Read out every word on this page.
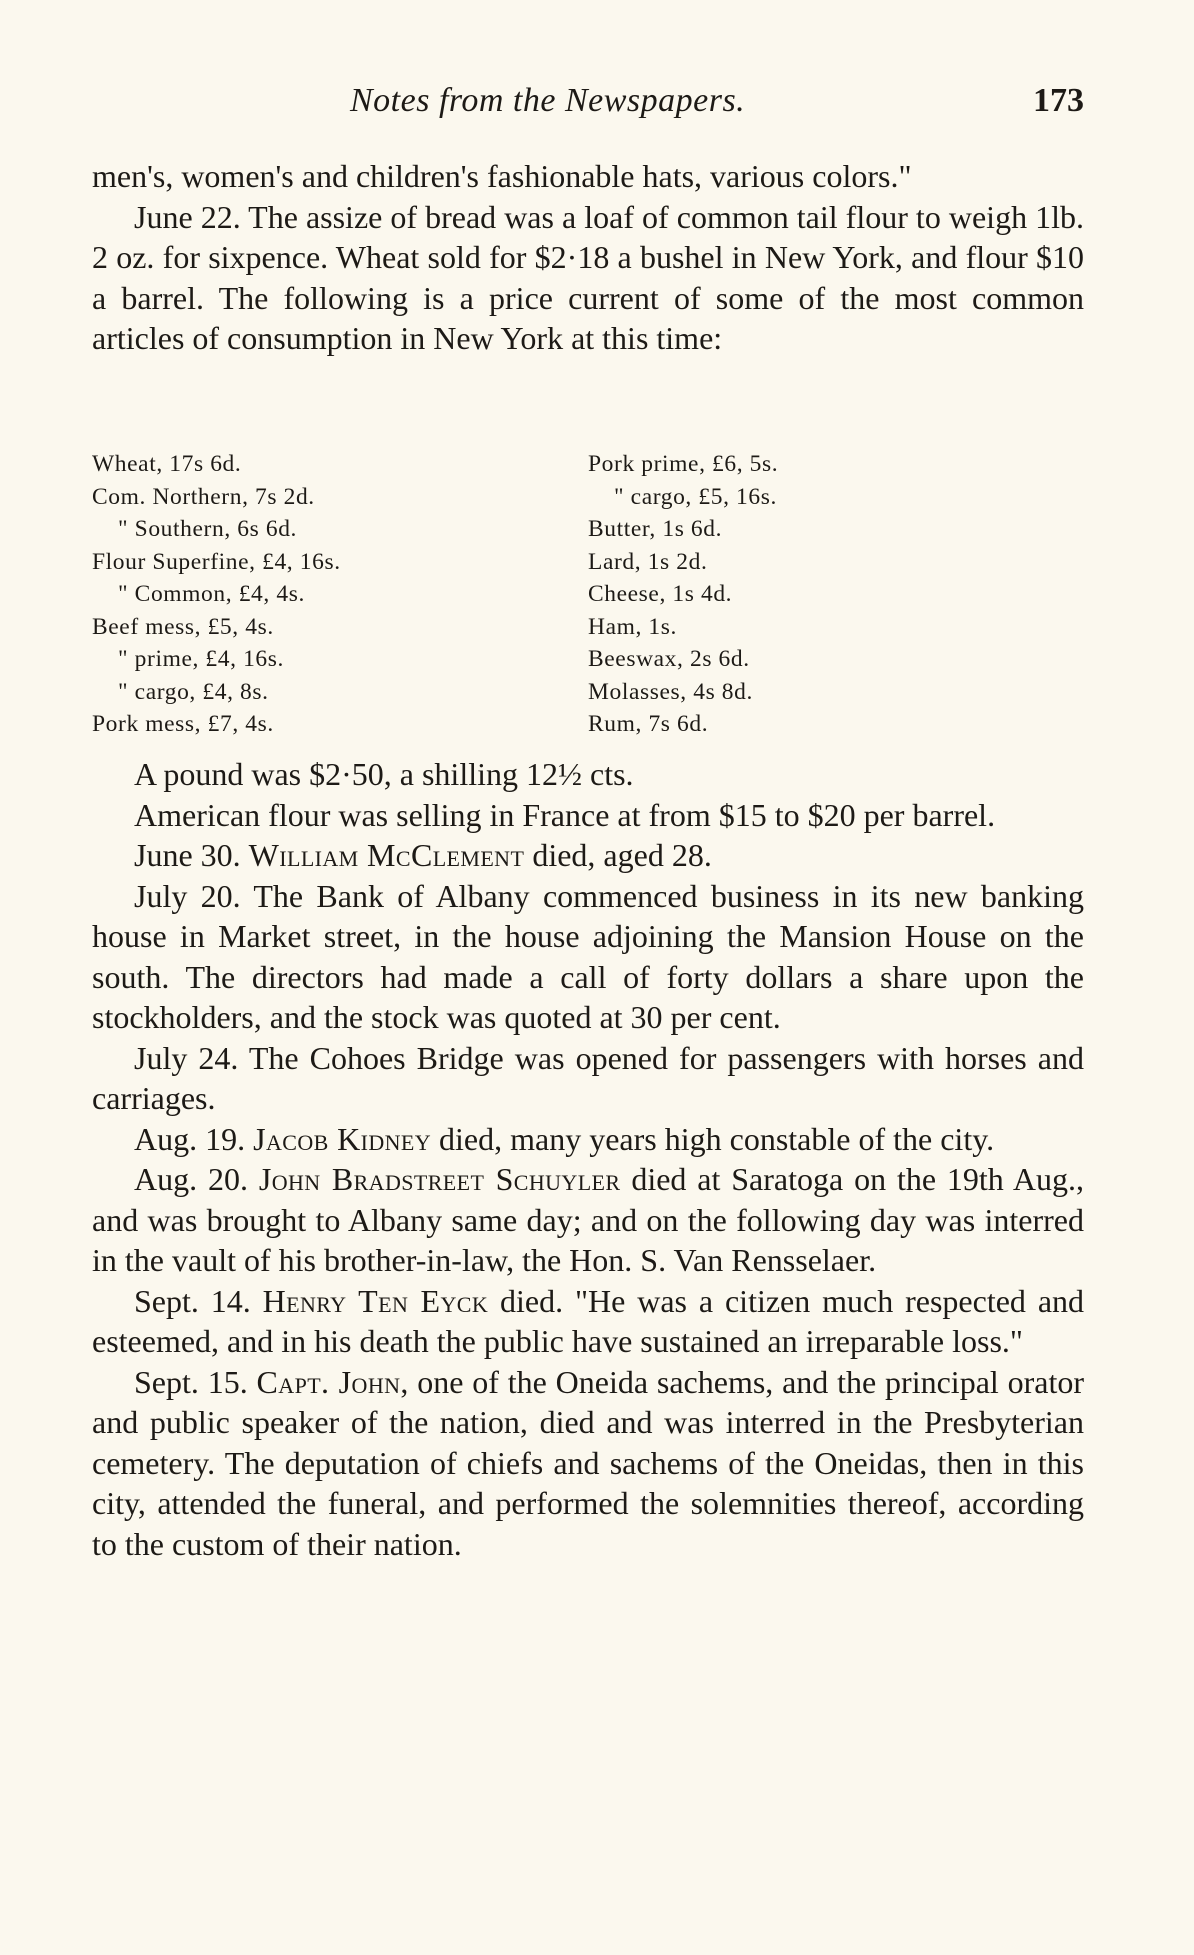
Notes from the Newspapers.	173

men's, women's and children's fashionable hats, various colors."

June 22. The assize of bread was a loaf of common tail flour to weigh 1lb. 2 oz. for sixpence. Wheat sold for $2·18 a bushel in New York, and flour $10 a barrel. The following is a price current of some of the most common articles of consumption in New York at this time:

Wheat, 17s 6d.
Com. Northern, 7s 2d.
" Southern, 6s 6d.
Flour Superfine, £4, 16s.
" Common, £4, 4s.
Beef mess, £5, 4s.
" prime, £4, 16s.
" cargo, £4, 8s.
Pork mess, £7, 4s.
Pork prime, £6, 5s.
" cargo, £5, 16s.
Butter, 1s 6d.
Lard, 1s 2d.
Cheese, 1s 4d.
Ham, 1s.
Beeswax, 2s 6d.
Molasses, 4s 8d.
Rum, 7s 6d.

A pound was $2·50, a shilling 12½ cts.

American flour was selling in France at from $15 to $20 per barrel.

June 30. William McClement died, aged 28.

July 20. The Bank of Albany commenced business in its new banking house in Market street, in the house adjoining the Mansion House on the south. The directors had made a call of forty dollars a share upon the stockholders, and the stock was quoted at 30 per cent.

July 24. The Cohoes Bridge was opened for passengers with horses and carriages.

Aug. 19. Jacob Kidney died, many years high constable of the city.

Aug. 20. John Bradstreet Schuyler died at Saratoga on the 19th Aug., and was brought to Albany same day; and on the following day was interred in the vault of his brother-in-law, the Hon. S. Van Rensselaer.

Sept. 14. Henry Ten Eyck died. "He was a citizen much respected and esteemed, and in his death the public have sustained an irreparable loss."

Sept. 15. Capt. John, one of the Oneida sachems, and the principal orator and public speaker of the nation, died and was interred in the Presbyterian cemetery. The deputation of chiefs and sachems of the Oneidas, then in this city, attended the funeral, and performed the solemnities thereof, according to the custom of their nation.
